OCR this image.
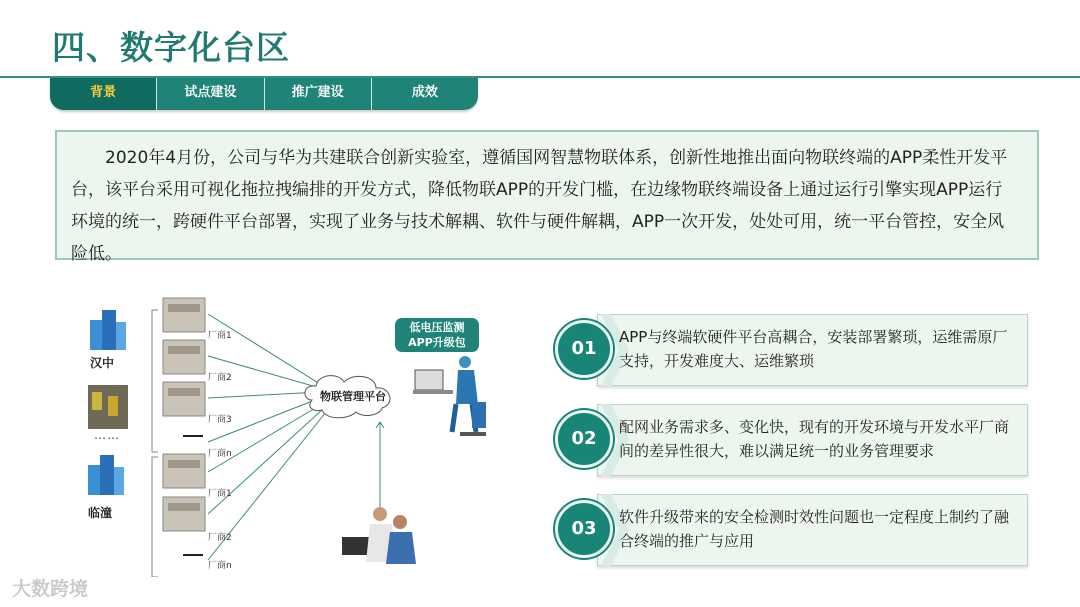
四、数字化台区
背景	试点建设	推广建设	成效
2020年4月份，公司与华为共建联合创新实验室，遵循国网智慧物联体系，创新性地推出面向物联终端的APP柔性开发平台，该平台采用可视化拖拉拽编排的开发方式，降低物联APP的开发门槛，在边缘物联终端设备上通过运行引擎实现APP运行环境的统一，跨硬件平台部署，实现了业务与技术解耦、软件与硬件解耦，APP一次开发，处处可用，统一平台管控，安全风险低。
汉中
……
临潼
厂商1
厂商2
厂商3
厂商n
厂商1
厂商2
厂商n
物联管理平台
低电压监测
APP升级包	01
APP与终端软硬件平台高耦合，安装部署繁琐，运维需原厂支持，开发难度大、运维繁琐
02
配网业务需求多、变化快，现有的开发环境与开发水平厂商间的差异性很大，难以满足统一的业务管理要求
03
软件升级带来的安全检测时效性问题也一定程度上制约了融合终端的推广与应用
大数跨境
